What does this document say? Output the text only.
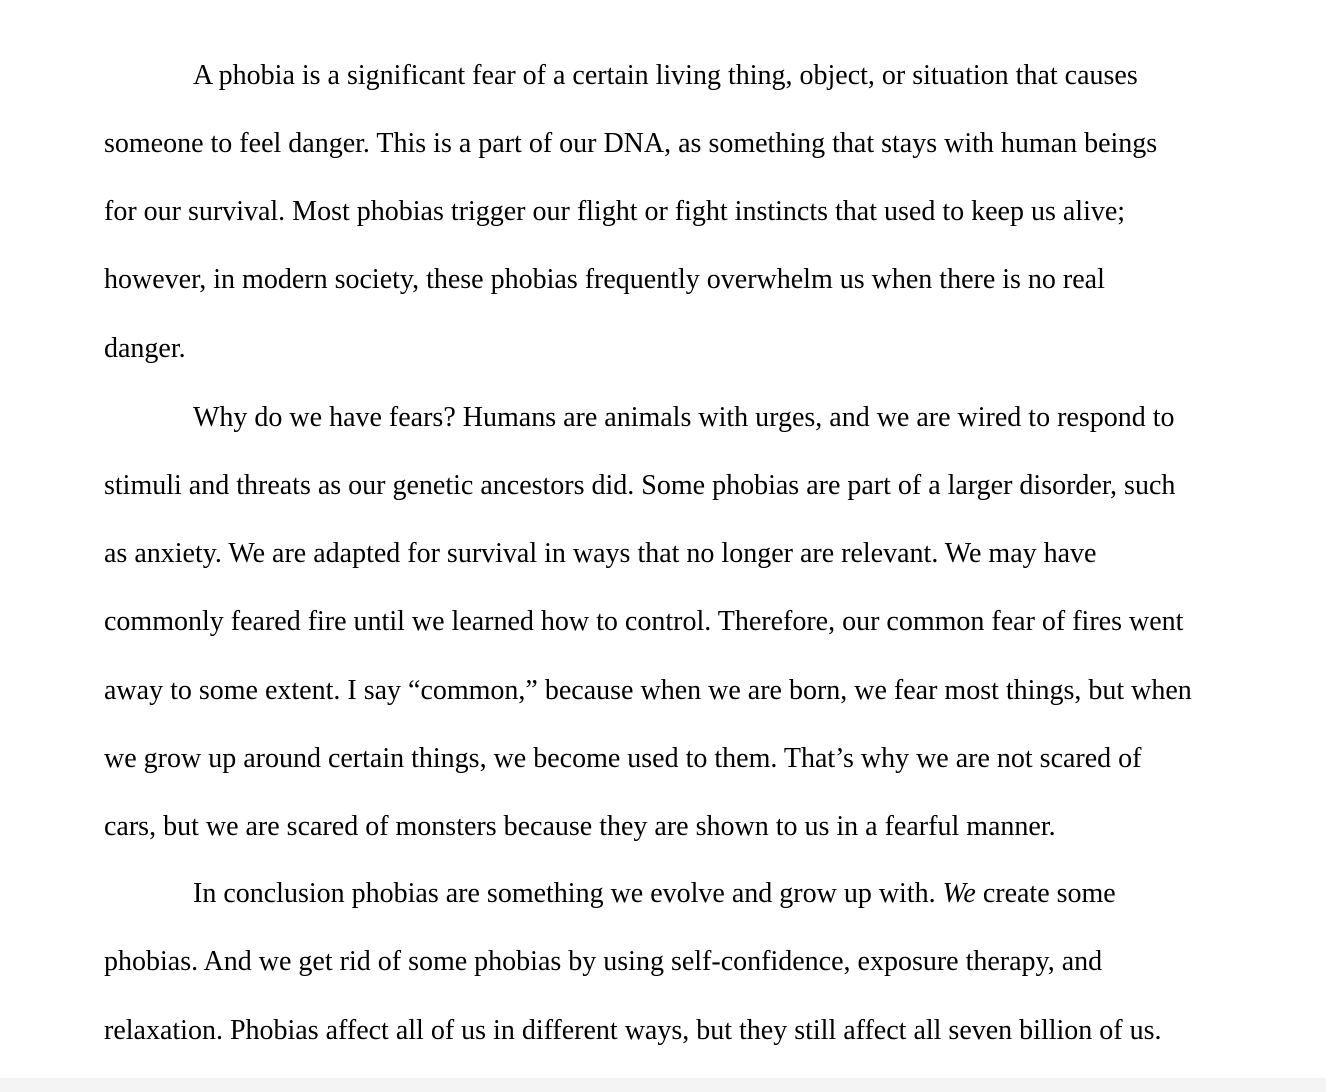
A phobia is a significant fear of a certain living thing, object, or situation that causes

someone to feel danger. This is a part of our DNA, as something that stays with human beings

for our survival. Most phobias trigger our flight or fight instincts that used to keep us alive;

however, in modern society, these phobias frequently overwhelm us when there is no real

danger.

Why do we have fears? Humans are animals with urges, and we are wired to respond to

stimuli and threats as our genetic ancestors did. Some phobias are part of a larger disorder, such

as anxiety. We are adapted for survival in ways that no longer are relevant. We may have

commonly feared fire until we learned how to control. Therefore, our common fear of fires went

away to some extent. I say “common,” because when we are born, we fear most things, but when

we grow up around certain things, we become used to them. That’s why we are not scared of

cars, but we are scared of monsters because they are shown to us in a fearful manner.

In conclusion phobias are something we evolve and grow up with. We create some

phobias. And we get rid of some phobias by using self-confidence, exposure therapy, and

relaxation. Phobias affect all of us in different ways, but they still affect all seven billion of us.
